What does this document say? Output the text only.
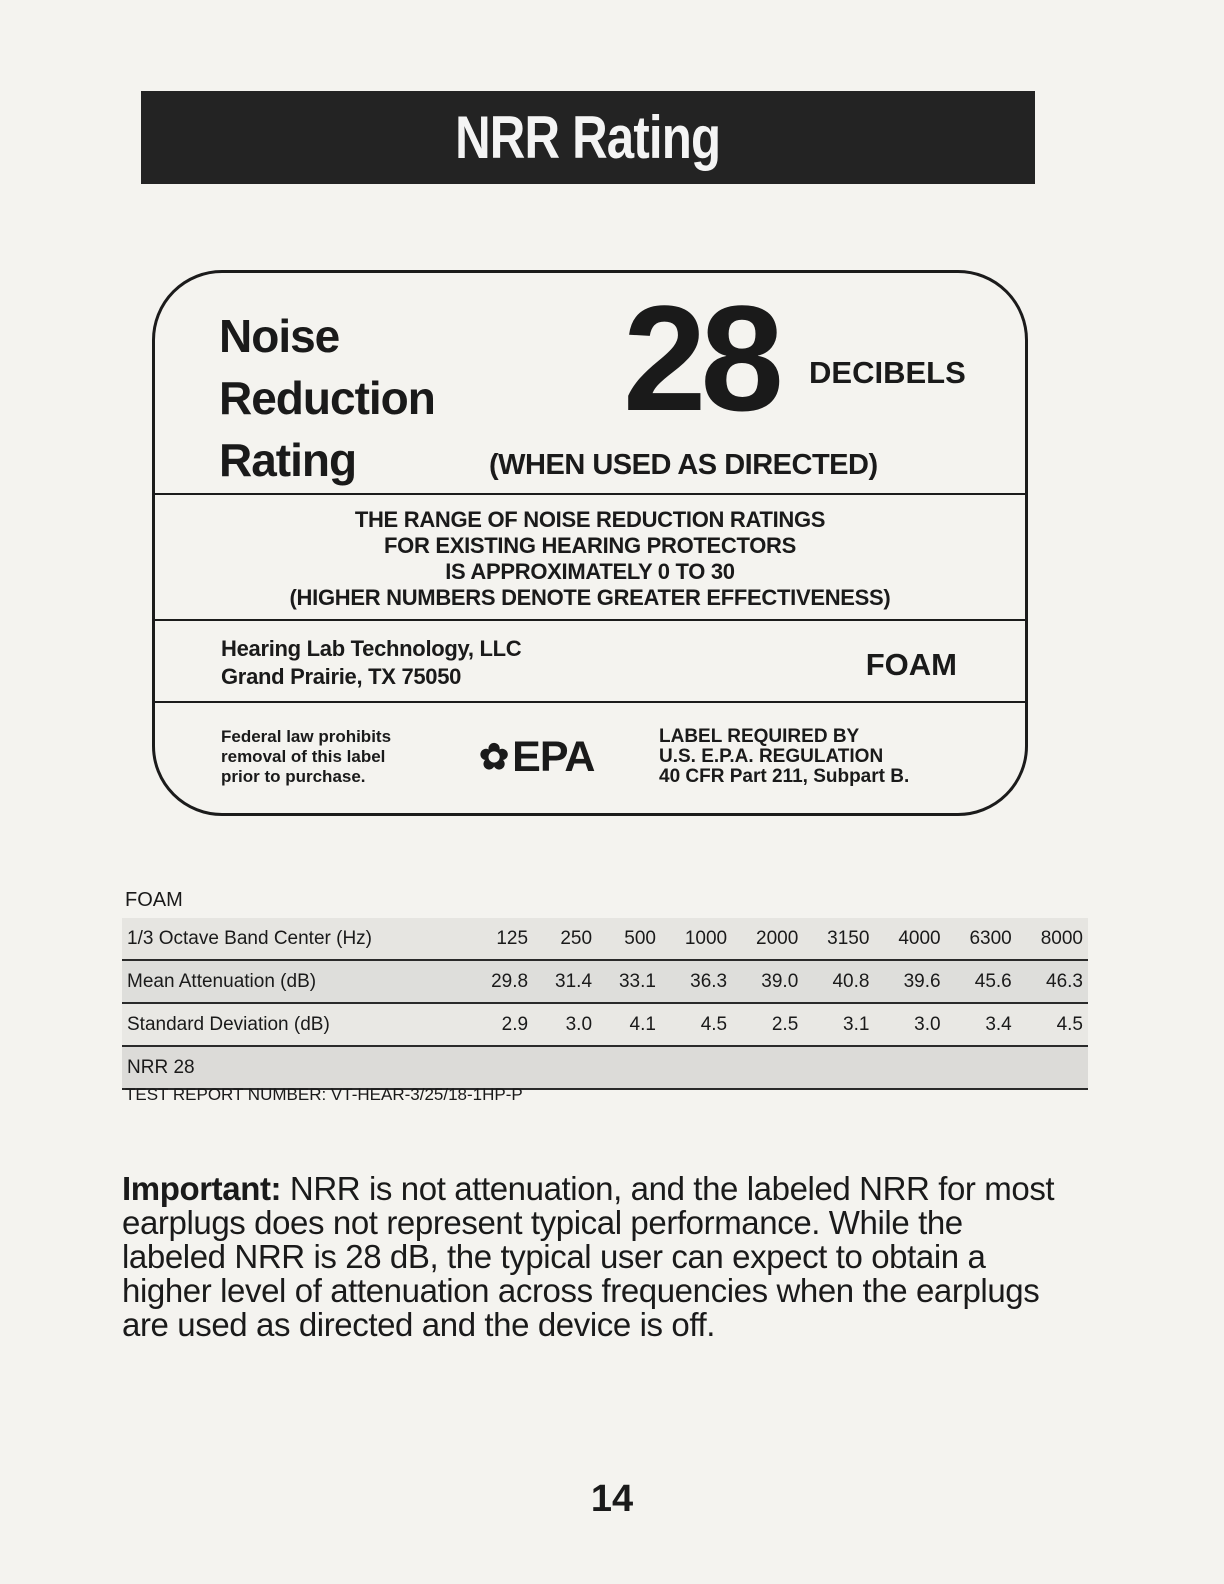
NRR Rating
Noise
Reduction
Rating
28 DECIBELS
(WHEN USED AS DIRECTED)
THE RANGE OF NOISE REDUCTION RATINGS
FOR EXISTING HEARING PROTECTORS
IS APPROXIMATELY 0 TO 30
(HIGHER NUMBERS DENOTE GREATER EFFECTIVENESS)
Hearing Lab Technology, LLC
Grand Prairie, TX 75050	FOAM
Federal law prohibits
removal of this label
prior to purchase.	✿ EPA	LABEL REQUIRED BY
U.S. E.P.A. REGULATION
40 CFR Part 211, Subpart B.
FOAM
1/3 Octave Band Center (Hz)	125	250	500	1000	2000	3150	4000	6300	8000
Mean Attenuation (dB)	29.8	31.4	33.1	36.3	39.0	40.8	39.6	45.6	46.3
Standard Deviation (dB)	2.9	3.0	4.1	4.5	2.5	3.1	3.0	3.4	4.5
NRR 28									
TEST REPORT NUMBER: VT-HEAR-3/25/18-1HP-P
Important: NRR is not attenuation, and the labeled NRR for most earplugs does not represent typical performance. While the labeled NRR is 28 dB, the typical user can expect to obtain a higher level of attenuation across frequencies when the earplugs are used as directed and the device is off.
14
